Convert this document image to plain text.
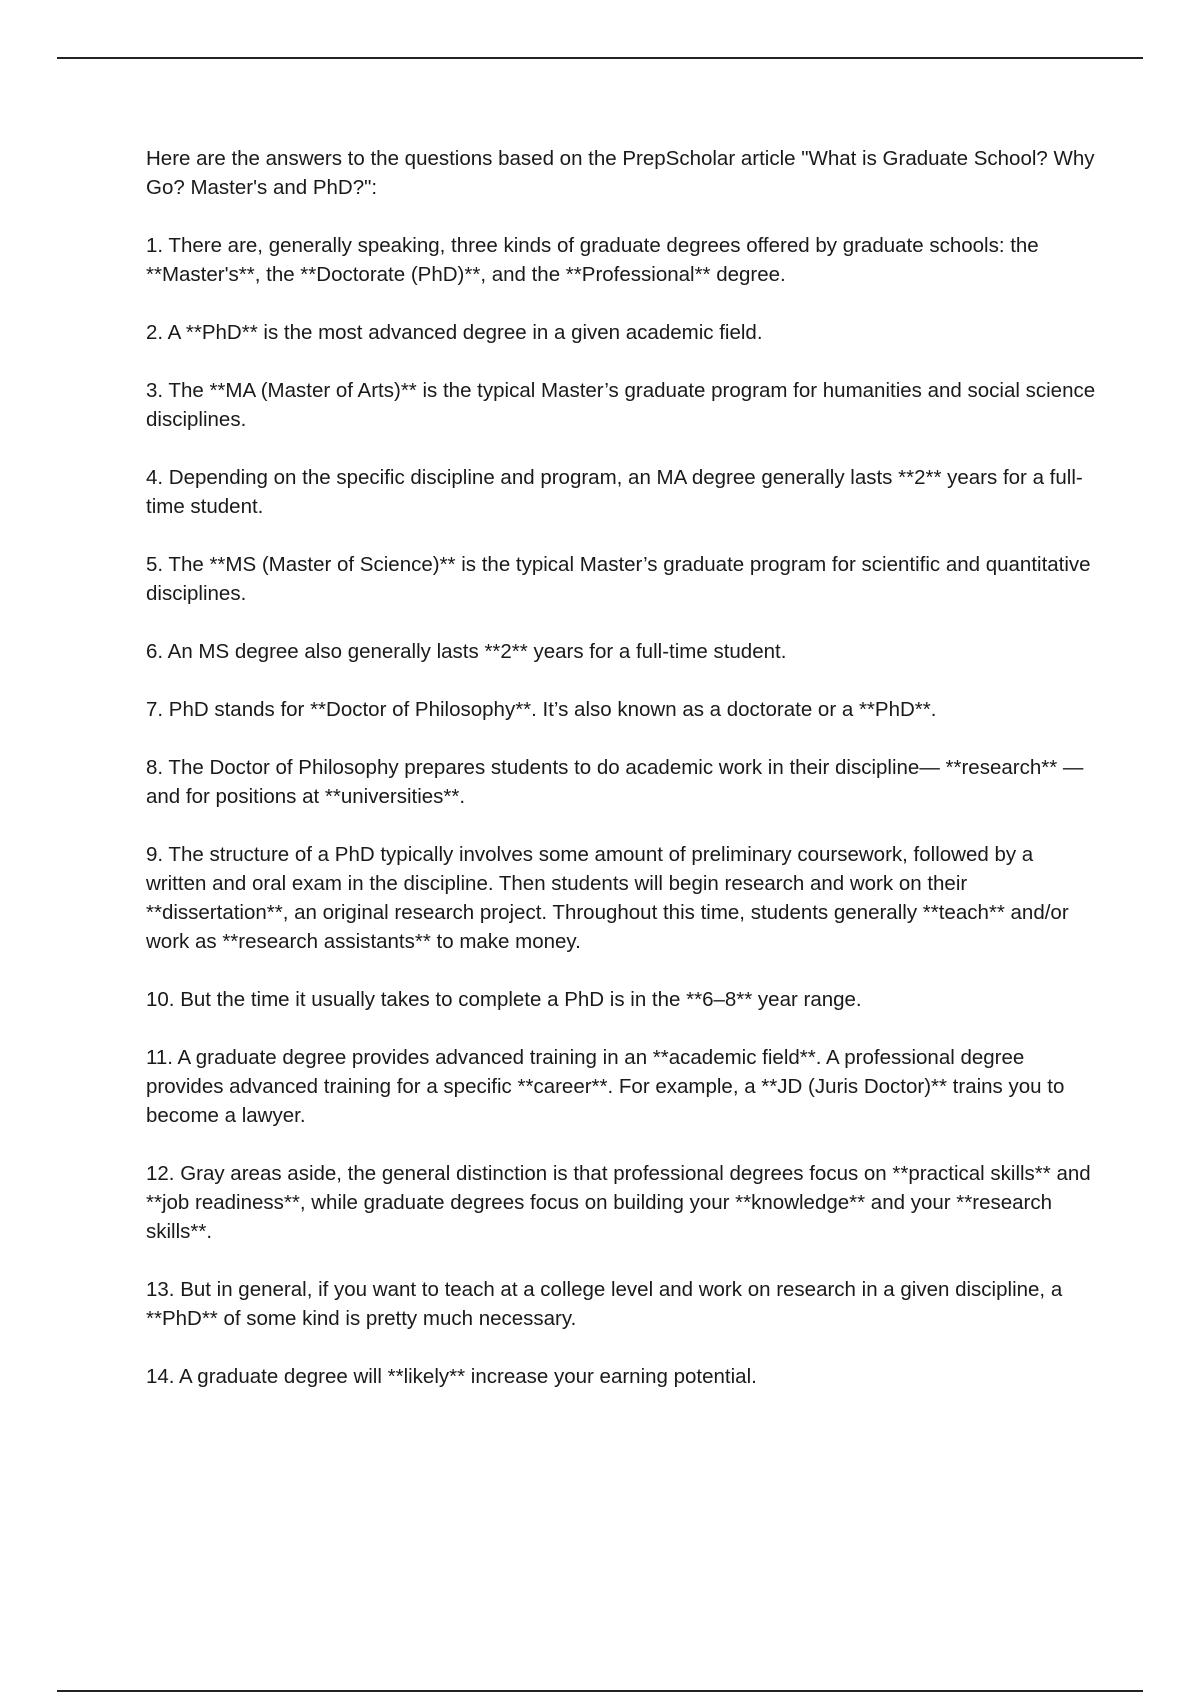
Here are the answers to the questions based on the PrepScholar article "What is Graduate School? Why Go? Master's and PhD?":

1. There are, generally speaking, three kinds of graduate degrees offered by graduate schools: the **Master's**, the **Doctorate (PhD)**, and the **Professional** degree.

2. A **PhD** is the most advanced degree in a given academic field.

3. The **MA (Master of Arts)** is the typical Master’s graduate program for humanities and social science disciplines.

4. Depending on the specific discipline and program, an MA degree generally lasts **2** years for a full-time student.

5. The **MS (Master of Science)** is the typical Master’s graduate program for scientific and quantitative disciplines.

6. An MS degree also generally lasts **2** years for a full-time student.

7. PhD stands for **Doctor of Philosophy**. It’s also known as a doctorate or a **PhD**.

8. The Doctor of Philosophy prepares students to do academic work in their discipline— **research** — and for positions at **universities**.

9. The structure of a PhD typically involves some amount of preliminary coursework, followed by a written and oral exam in the discipline. Then students will begin research and work on their **dissertation**, an original research project. Throughout this time, students generally **teach** and/or work as **research assistants** to make money.

10. But the time it usually takes to complete a PhD is in the **6–8** year range.

11. A graduate degree provides advanced training in an **academic field**. A professional degree provides advanced training for a specific **career**. For example, a **JD (Juris Doctor)** trains you to become a lawyer.

12. Gray areas aside, the general distinction is that professional degrees focus on **practical skills** and **job readiness**, while graduate degrees focus on building your **knowledge** and your **research skills**.

13. But in general, if you want to teach at a college level and work on research in a given discipline, a **PhD** of some kind is pretty much necessary.

14. A graduate degree will **likely** increase your earning potential.
